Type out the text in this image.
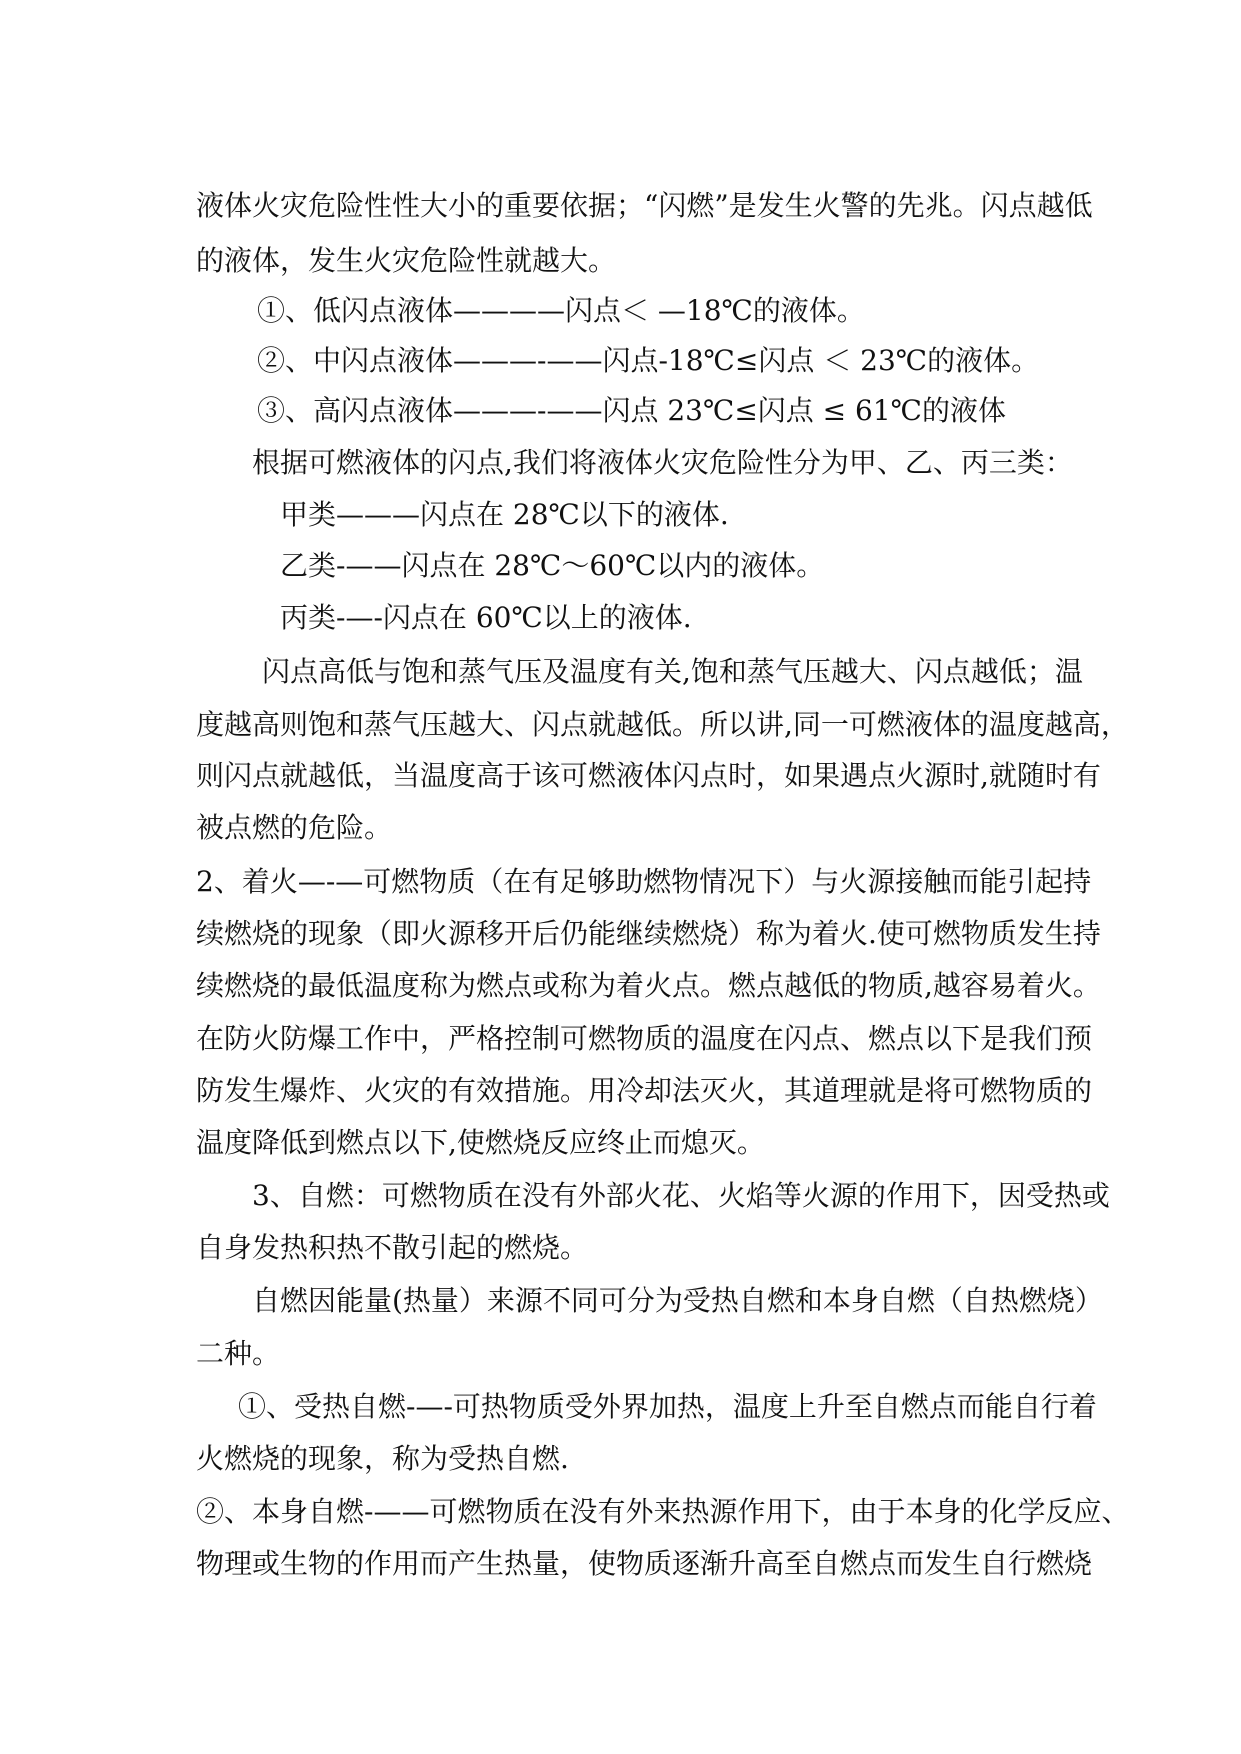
液体火灾危险性性大小的重要依据；“闪燃”是发生火警的先兆。闪点越低
的液体，发生火灾危险性就越大。
①、低闪点液体————闪点＜ —18℃的液体。
②、中闪点液体———-——闪点-18℃≤闪点 ＜ 23℃的液体。
③、高闪点液体———-——闪点 23℃≤闪点 ≤ 61℃的液体
根据可燃液体的闪点,我们将液体火灾危险性分为甲、乙、丙三类：
甲类———闪点在 28℃以下的液体.
乙类-——闪点在 28℃～60℃以内的液体。
丙类-—-闪点在 60℃以上的液体.
闪点高低与饱和蒸气压及温度有关,饱和蒸气压越大、闪点越低；温
度越高则饱和蒸气压越大、闪点就越低。所以讲,同一可燃液体的温度越高，
则闪点就越低，当温度高于该可燃液体闪点时，如果遇点火源时,就随时有
被点燃的危险。
2、着火—-—可燃物质（在有足够助燃物情况下）与火源接触而能引起持
续燃烧的现象（即火源移开后仍能继续燃烧）称为着火.使可燃物质发生持
续燃烧的最低温度称为燃点或称为着火点。燃点越低的物质,越容易着火。
在防火防爆工作中，严格控制可燃物质的温度在闪点、燃点以下是我们预
防发生爆炸、火灾的有效措施。用冷却法灭火，其道理就是将可燃物质的
温度降低到燃点以下,使燃烧反应终止而熄灭。
3、自燃：可燃物质在没有外部火花、火焰等火源的作用下，因受热或
自身发热积热不散引起的燃烧。
自燃因能量(热量）来源不同可分为受热自燃和本身自燃（自热燃烧）
二种。
①、受热自燃-—-可热物质受外界加热，温度上升至自燃点而能自行着
火燃烧的现象，称为受热自燃.
②、本身自燃-——可燃物质在没有外来热源作用下，由于本身的化学反应、
物理或生物的作用而产生热量，使物质逐渐升高至自燃点而发生自行燃烧
